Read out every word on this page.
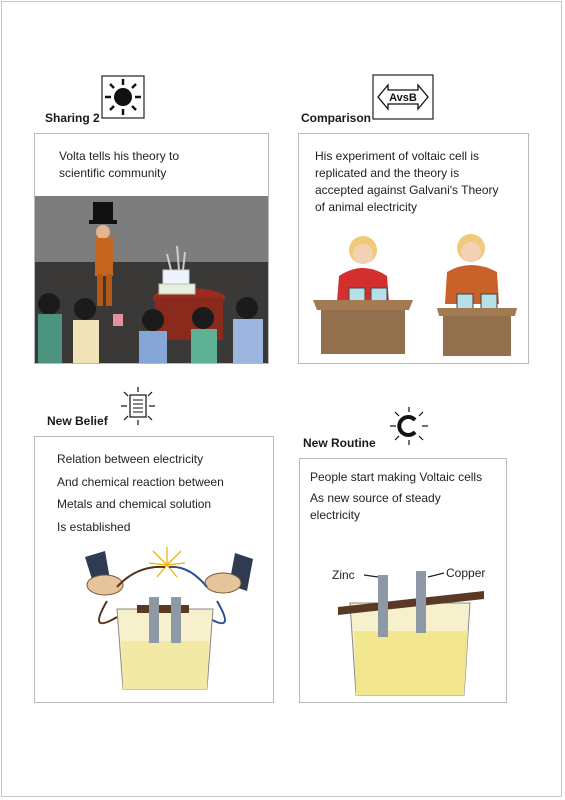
Sharing 2
Volta tells his theory to
scientific community
AvsB
Comparison
His experiment of voltaic cell is
replicated and the theory is
accepted against Galvani's Theory
of animal electricity
New Belief
Relation between electricity
And chemical reaction between
Metals and chemical solution
Is established
New Routine
People start making Voltaic cells
As new source of steady
electricity
Zinc	Copper
